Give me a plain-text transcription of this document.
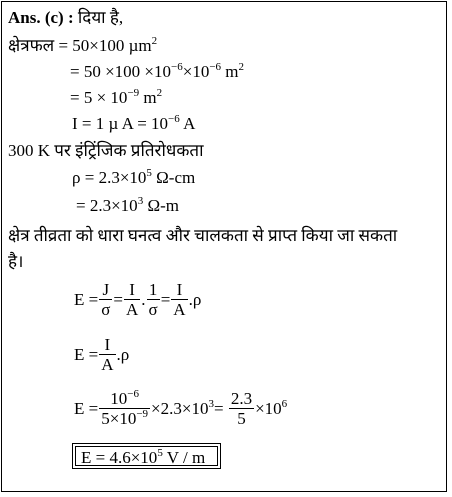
Ans. (c) : दिया है,
क्षेत्रफल = 50×100 µm$^2$
= $50 \times 100 \times 10^{-6}\times 10^{-6}$ $m^2$
= $5 \times 10^{-9}$ $m^2$
I = 1 µ $A = 10^{-6}$ A
300 K पर इंट्रिंजिक प्रतिरोधकता
$\rho = 2.3\times 10^5$ Ω-cm
= $2.3\times 10^3$ Ω-m
क्षेत्र तीव्रता को धारा घनत्व और चालकता से प्राप्त किया जा सकता
है।
$E = \frac{J}{\sigma} = \frac{I}{A}$ . $\frac{1}{\sigma} = \frac{I}{A} .\rho$
$E = \frac{I}{A} .\rho$
$E = \frac{10^{-6}}{5\times 10^{-9}} \times 2.3\times 10^3$ =
$\frac{2.3}{5} \times 10^6$
$E = 4.6\times 10^5$ V / m
